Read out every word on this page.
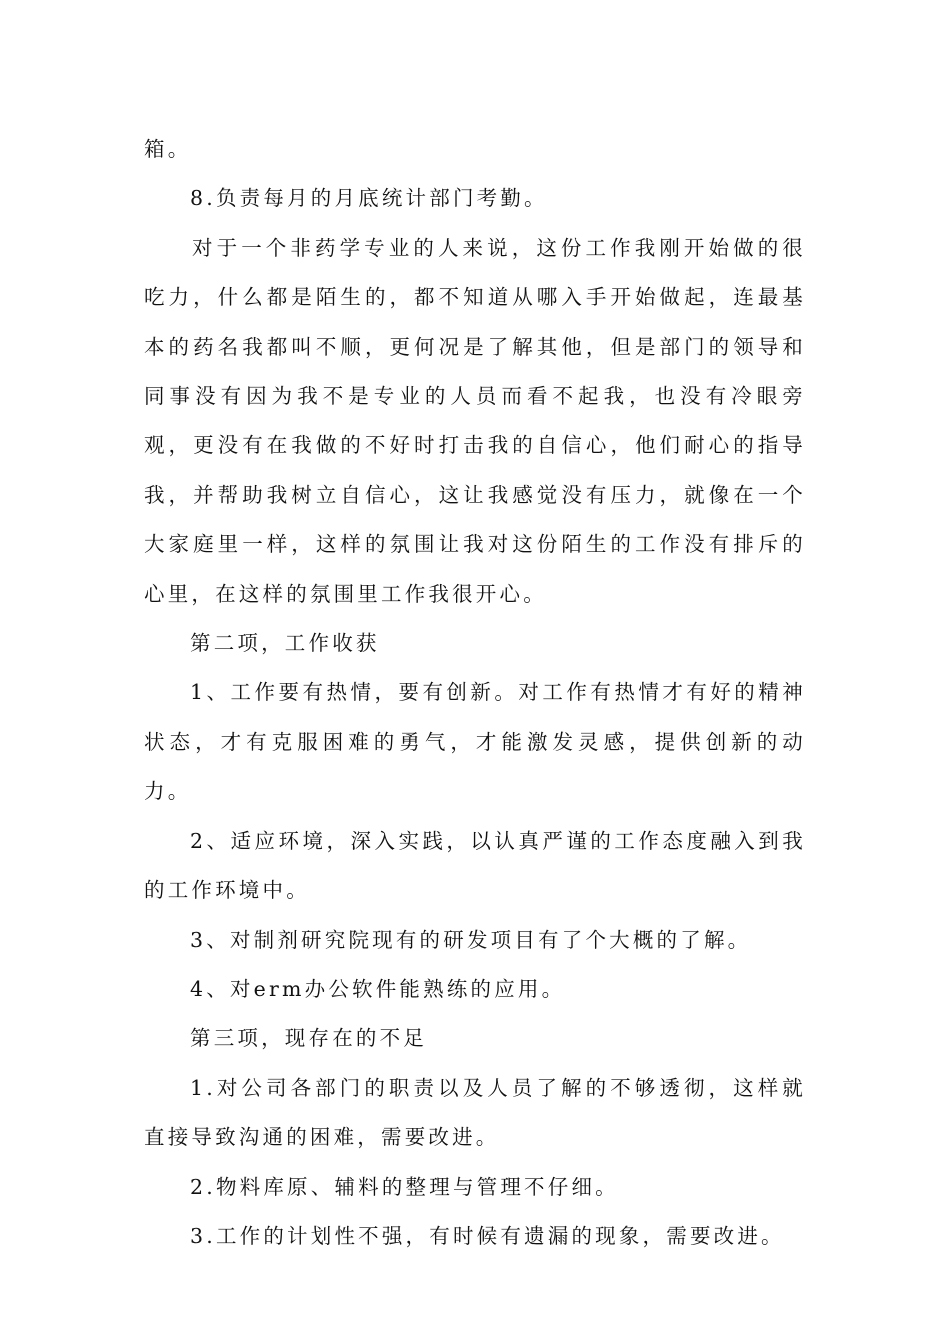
箱。

8.负责每月的月底统计部门考勤。

对于一个非药学专业的人来说，这份工作我刚开始做的很吃力，什么都是陌生的，都不知道从哪入手开始做起，连最基本的药名我都叫不顺，更何况是了解其他，但是部门的领导和同事没有因为我不是专业的人员而看不起我，也没有冷眼旁观，更没有在我做的不好时打击我的自信心，他们耐心的指导我，并帮助我树立自信心，这让我感觉没有压力，就像在一个大家庭里一样，这样的氛围让我对这份陌生的工作没有排斥的心里，在这样的氛围里工作我很开心。

第二项，工作收获

1、工作要有热情，要有创新。对工作有热情才有好的精神状态，才有克服困难的勇气，才能激发灵感，提供创新的动力。

2、适应环境，深入实践，以认真严谨的工作态度融入到我的工作环境中。

3、对制剂研究院现有的研发项目有了个大概的了解。

4、对erm办公软件能熟练的应用。

第三项，现存在的不足

1.对公司各部门的职责以及人员了解的不够透彻，这样就直接导致沟通的困难，需要改进。

2.物料库原、辅料的整理与管理不仔细。

3.工作的计划性不强，有时候有遗漏的现象，需要改进。
